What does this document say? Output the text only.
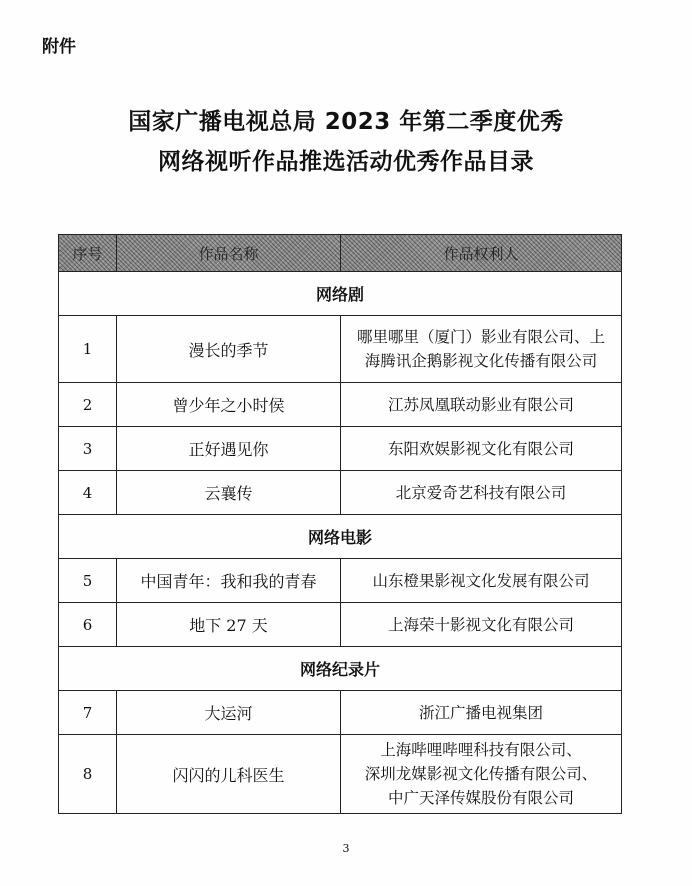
附件
国家广播电视总局 2023 年第二季度优秀
网络视听作品推选活动优秀作品目录
序号	作品名称	作品权利人
网络剧		
1	漫长的季节	哪里哪里（厦门）影业有限公司、上
海腾讯企鹅影视文化传播有限公司

2	曾少年之小时侯	江苏凤凰联动影业有限公司

3	正好遇见你	东阳欢娱影视文化有限公司

4	云襄传	北京爱奇艺科技有限公司

网络电影		
5	中国青年：我和我的青春	山东橙果影视文化发展有限公司

6	地下 27 天	上海荣十影视文化有限公司

网络纪录片		
7	大运河	浙江广播电视集团

8	闪闪的儿科医生	上海哔哩哔哩科技有限公司、
深圳龙媒影视文化传播有限公司、
中广天泽传媒股份有限公司
3
